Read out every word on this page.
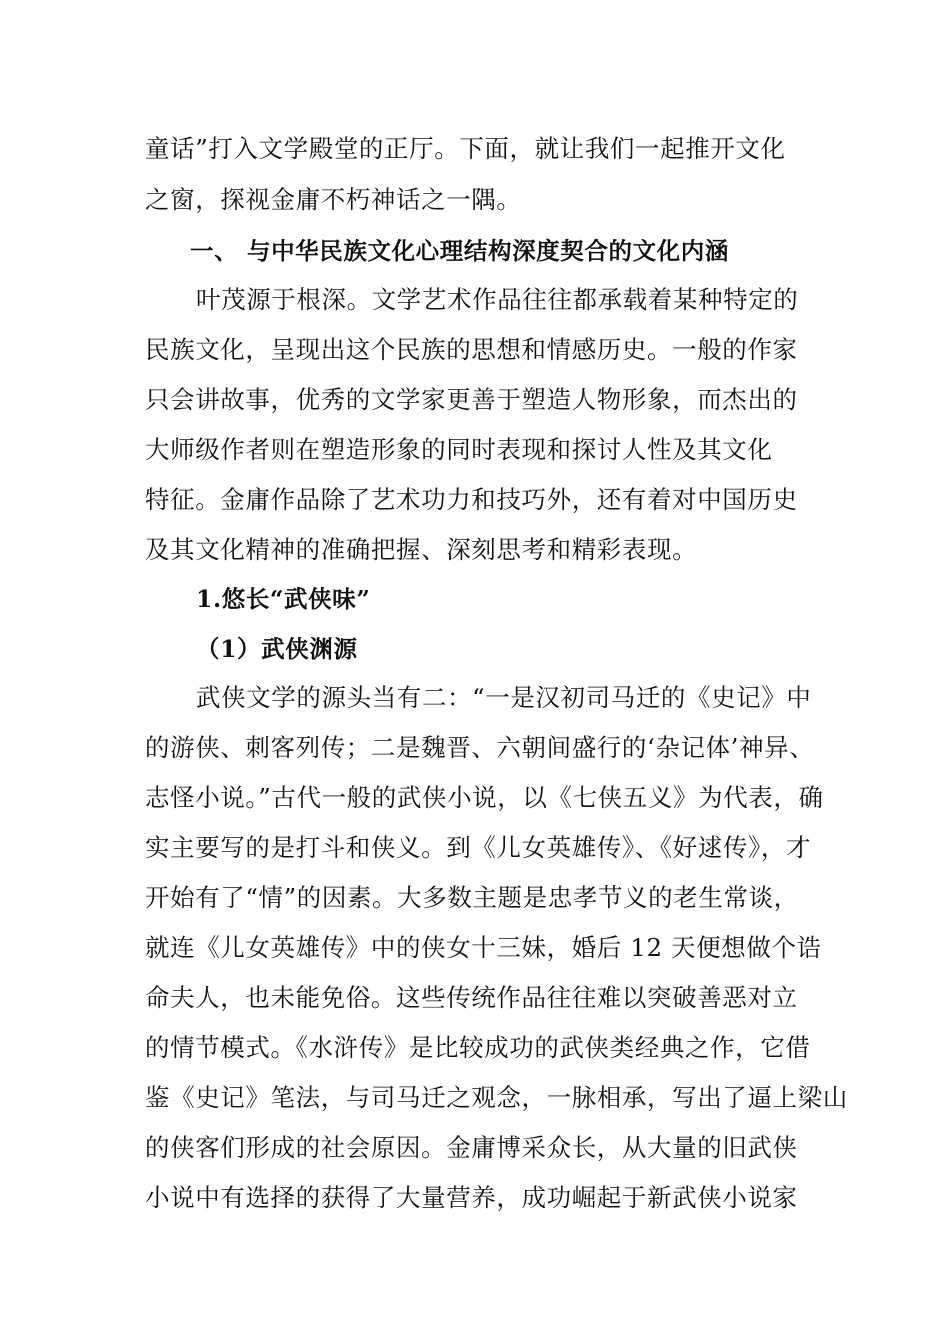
童话”打入文学殿堂的正厅。下面，就让我们一起推开文化
之窗，探视金庸不朽神话之一隅。
一、 与中华民族文化心理结构深度契合的文化内涵
叶茂源于根深。文学艺术作品往往都承载着某种特定的
民族文化，呈现出这个民族的思想和情感历史。一般的作家
只会讲故事，优秀的文学家更善于塑造人物形象，而杰出的
大师级作者则在塑造形象的同时表现和探讨人性及其文化
特征。金庸作品除了艺术功力和技巧外，还有着对中国历史
及其文化精神的准确把握、深刻思考和精彩表现。
1.悠长“武侠味”
（1）武侠渊源
武侠文学的源头当有二：“一是汉初司马迁的《史记》中
的游侠、刺客列传；二是魏晋、六朝间盛行的‘杂记体’神异、
志怪小说。”古代一般的武侠小说，以《七侠五义》为代表，确
实主要写的是打斗和侠义。到《儿女英雄传》、《好逑传》，才
开始有了“情”的因素。大多数主题是忠孝节义的老生常谈，
就连《儿女英雄传》中的侠女十三妹，婚后 12 天便想做个诰
命夫人，也未能免俗。这些传统作品往往难以突破善恶对立
的情节模式。《水浒传》是比较成功的武侠类经典之作，它借
鉴《史记》笔法，与司马迁之观念，一脉相承，写出了逼上梁山
的侠客们形成的社会原因。金庸博采众长，从大量的旧武侠
小说中有选择的获得了大量营养，成功崛起于新武侠小说家
